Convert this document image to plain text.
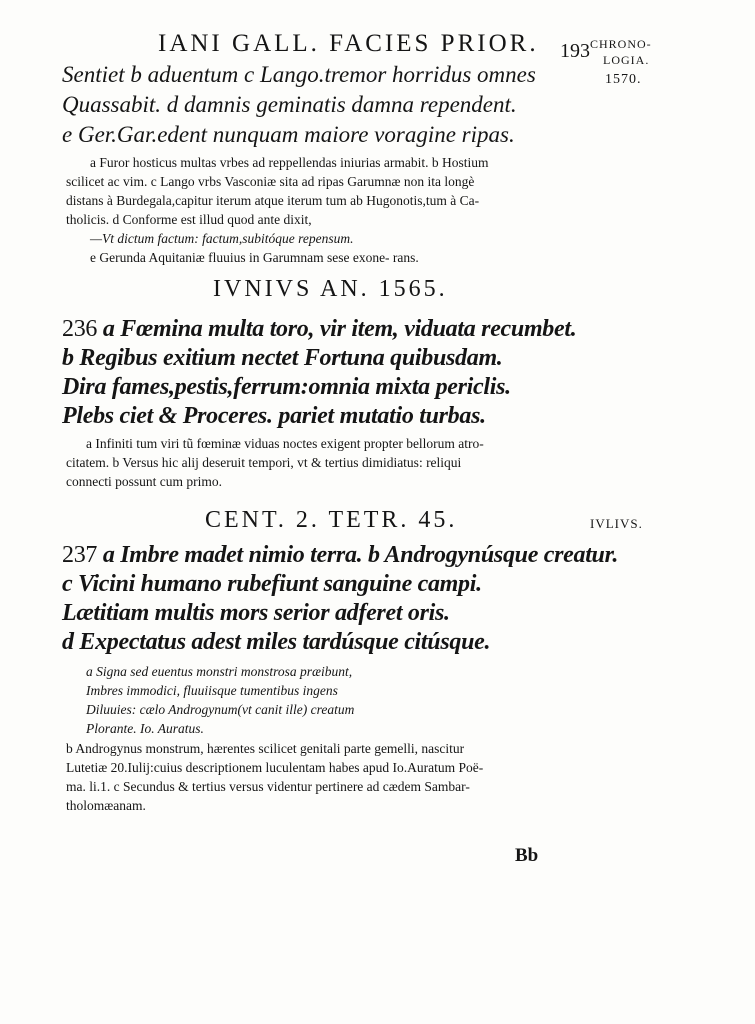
IANI GALL. FACIES PRIOR. 193 CHRONO-
LOGIA.
1570.
Sentiet b aduentum c Lango.tremor horridus omnes
Quassabit. d damnis geminatis damna rependent.
e Ger.Gar.edent nunquam maiore voragine ripas.
a Furor hosticus multas vrbes ad reppellendas iniurias armabit. b Hostium
scilicet ac vim. c Lango vrbs Vasconiæ sita ad ripas Garumnæ non ita longè
distans à Burdegala,capitur iterum atque iterum tum ab Hugonotis,tum à Ca-
tholicis. d Conforme est illud quod ante dixit,
—Vt dictum factum: factum,subitóque repensum.
e Gerunda Aquitaniæ fluuius in Garumnam sese exone- rans.
IVNIVS AN. 1565.
236 a Fœmina multa toro, vir item, viduata recumbet.
b Regibus exitium nectet Fortuna quibusdam.
Dira fames,pestis,ferrum:omnia mixta periclis.
Plebs ciet & Proceres. pariet mutatio turbas.
a Infiniti tum viri tũ fœminæ viduas noctes exigent propter bellorum atro-
citatem. b Versus hic alij deseruit tempori, vt & tertius dimidiatus: reliqui
connecti possunt cum primo.
CENT. 2. TETR. 45.	IVLIVS.
237 a Imbre madet nimio terra. b Androgynúsque creatur.
c Vicini humano rubefiunt sanguine campi.
Lætitiam multis mors serior adferet oris.
d Expectatus adest miles tardúsque citúsque.
a Signa sed euentus monstri monstrosa præibunt,
Imbres immodici, fluuiisque tumentibus ingens
Diluuies: cælo Androgynum(vt canit ille) creatum
Plorante. Io. Auratus.
b Androgynus monstrum, hærentes scilicet genitali parte gemelli, nascitur
Lutetiæ 20.Iulij:cuius descriptionem luculentam habes apud Io.Auratum Poë-
ma. li.1. c Secundus & tertius versus videntur pertinere ad cædem Sambar-
tholomæanam.
Bb
